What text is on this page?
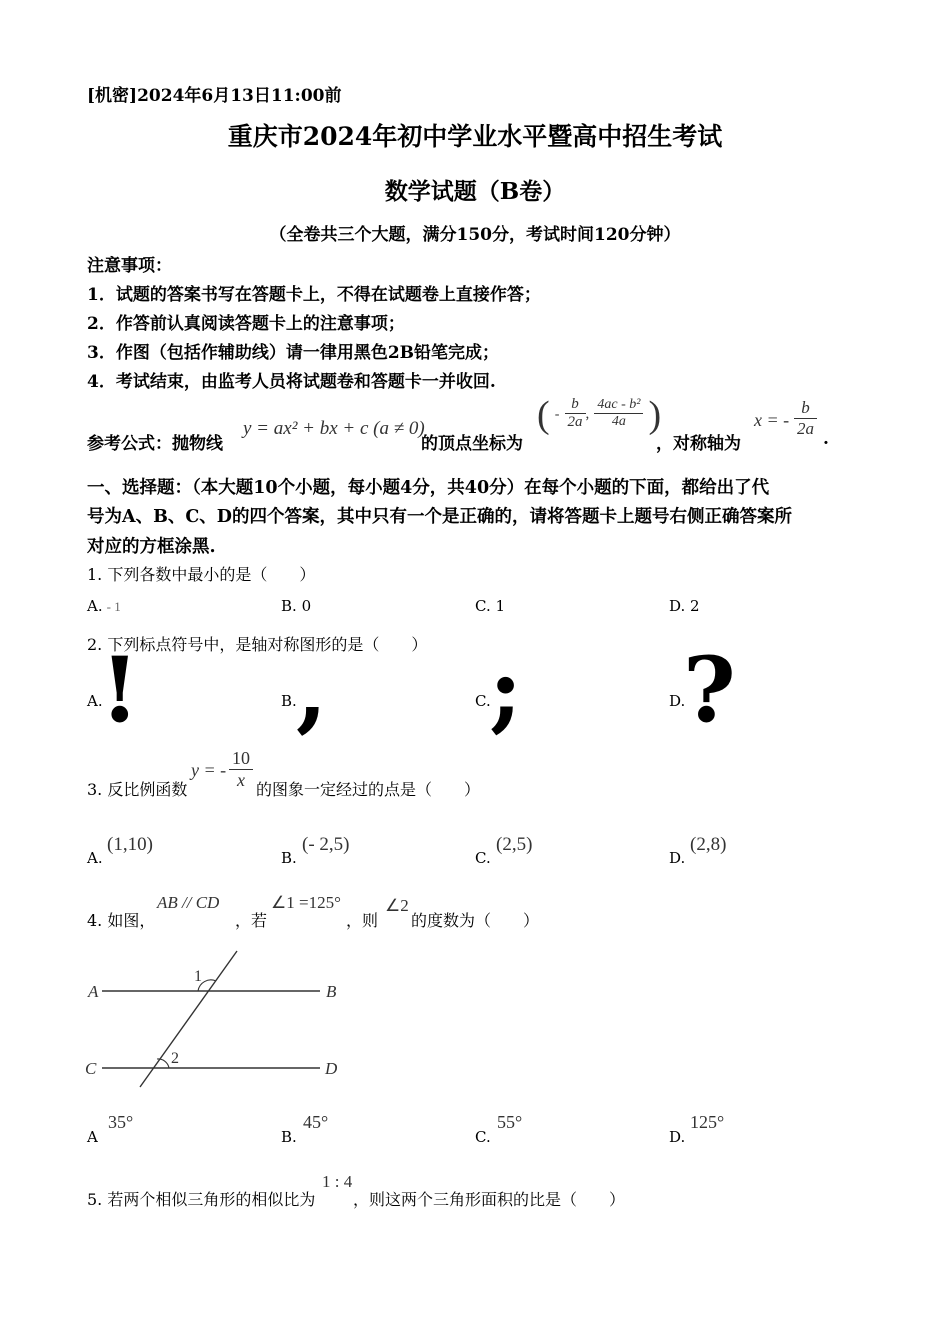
[机密]2024年6月13日11:00前
重庆市2024年初中学业水平暨高中招生考试
数学试题（B卷）
（全卷共三个大题，满分150分，考试时间120分钟）
注意事项：
1．试题的答案书写在答题卡上，不得在试题卷上直接作答；
2．作答前认真阅读答题卡上的注意事项；
3．作图（包括作辅助线）请一律用黑色2B铅笔完成；
4．考试结束，由监考人员将试题卷和答题卡一并收回.
参考公式：抛物线
y = ax² + bx + c (a ≠ 0)
的顶点坐标为
( - $\frac{b}{2a}$ , $\frac{\text{4ac - b²}}{4a}$ )
，对称轴为
x = - $\frac{b}{2a}$ .
一、选择题：（本大题10个小题，每小题4分，共40分）在每个小题的下面，都给出了代
号为A、B、C、D的四个答案，其中只有一个是正确的，请将答题卡上题号右侧正确答案所
对应的方框涂黑.
1. 下列各数中最小的是（　　）
A. - 1	B. 0	C. 1	D. 2
2. 下列标点符号中，是轴对称图形的是（　　）
A.
!	B. ,	C.
;	D.
?
3. 反比例函数
y = - $\frac{10}{x}$ 的图象一定经过的点是（　　）
A.
(1,10)
B.
(- 2,5)
C.
(2,5)
D.
(2,8)
4. 如图，
AB // CD
，若
∠1 =125°
，则
∠2
的度数为（　　）
A	B
C	D
1
2
A
35°
B.
45°
C.
55°
D.
125°
5. 若两个相似三角形的相似比为
1 : 4
，则这两个三角形面积的比是（　　）
